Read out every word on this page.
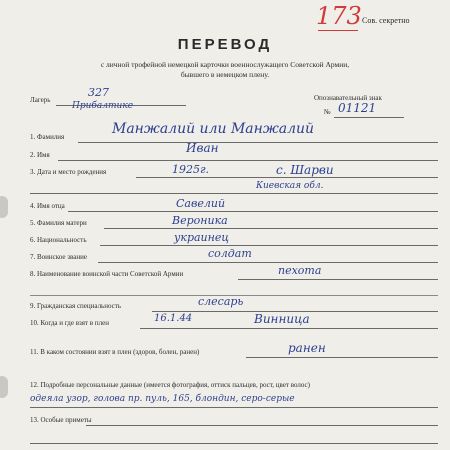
173 Сов. секретно
ПЕРЕВОД
с личной трофейной немецкой карточки военнослужащего Советской Армии,
бывшего в немецком плену.
Лагерь
327
Прибалтике
Опознавательный знак
№ 01121
1. Фамилия	Манжалий или Манжалий
2. Имя	Иван
3. Дата и место рождения	1925г.	с. Шарви
Киевская обл.
4. Имя отца	Савелий
5. Фамилия матери	Вероника
6. Национальность	украинец
7. Воинское звание	солдат
8. Наименование воинской части Советской Армии	пехота
9. Гражданская специальность	слесарь
10. Когда и где взят в плен	16.1.44	Винница
11. В каком состоянии взят в плен (здоров, болен, ранен)	ранен
12. Подробные персональные данные (имеется фотография, оттиск пальцев, рост, цвет волос)
одеяла узор, голова пр. пуль, 165, блондин, серо-серые
13. Особые приметы
